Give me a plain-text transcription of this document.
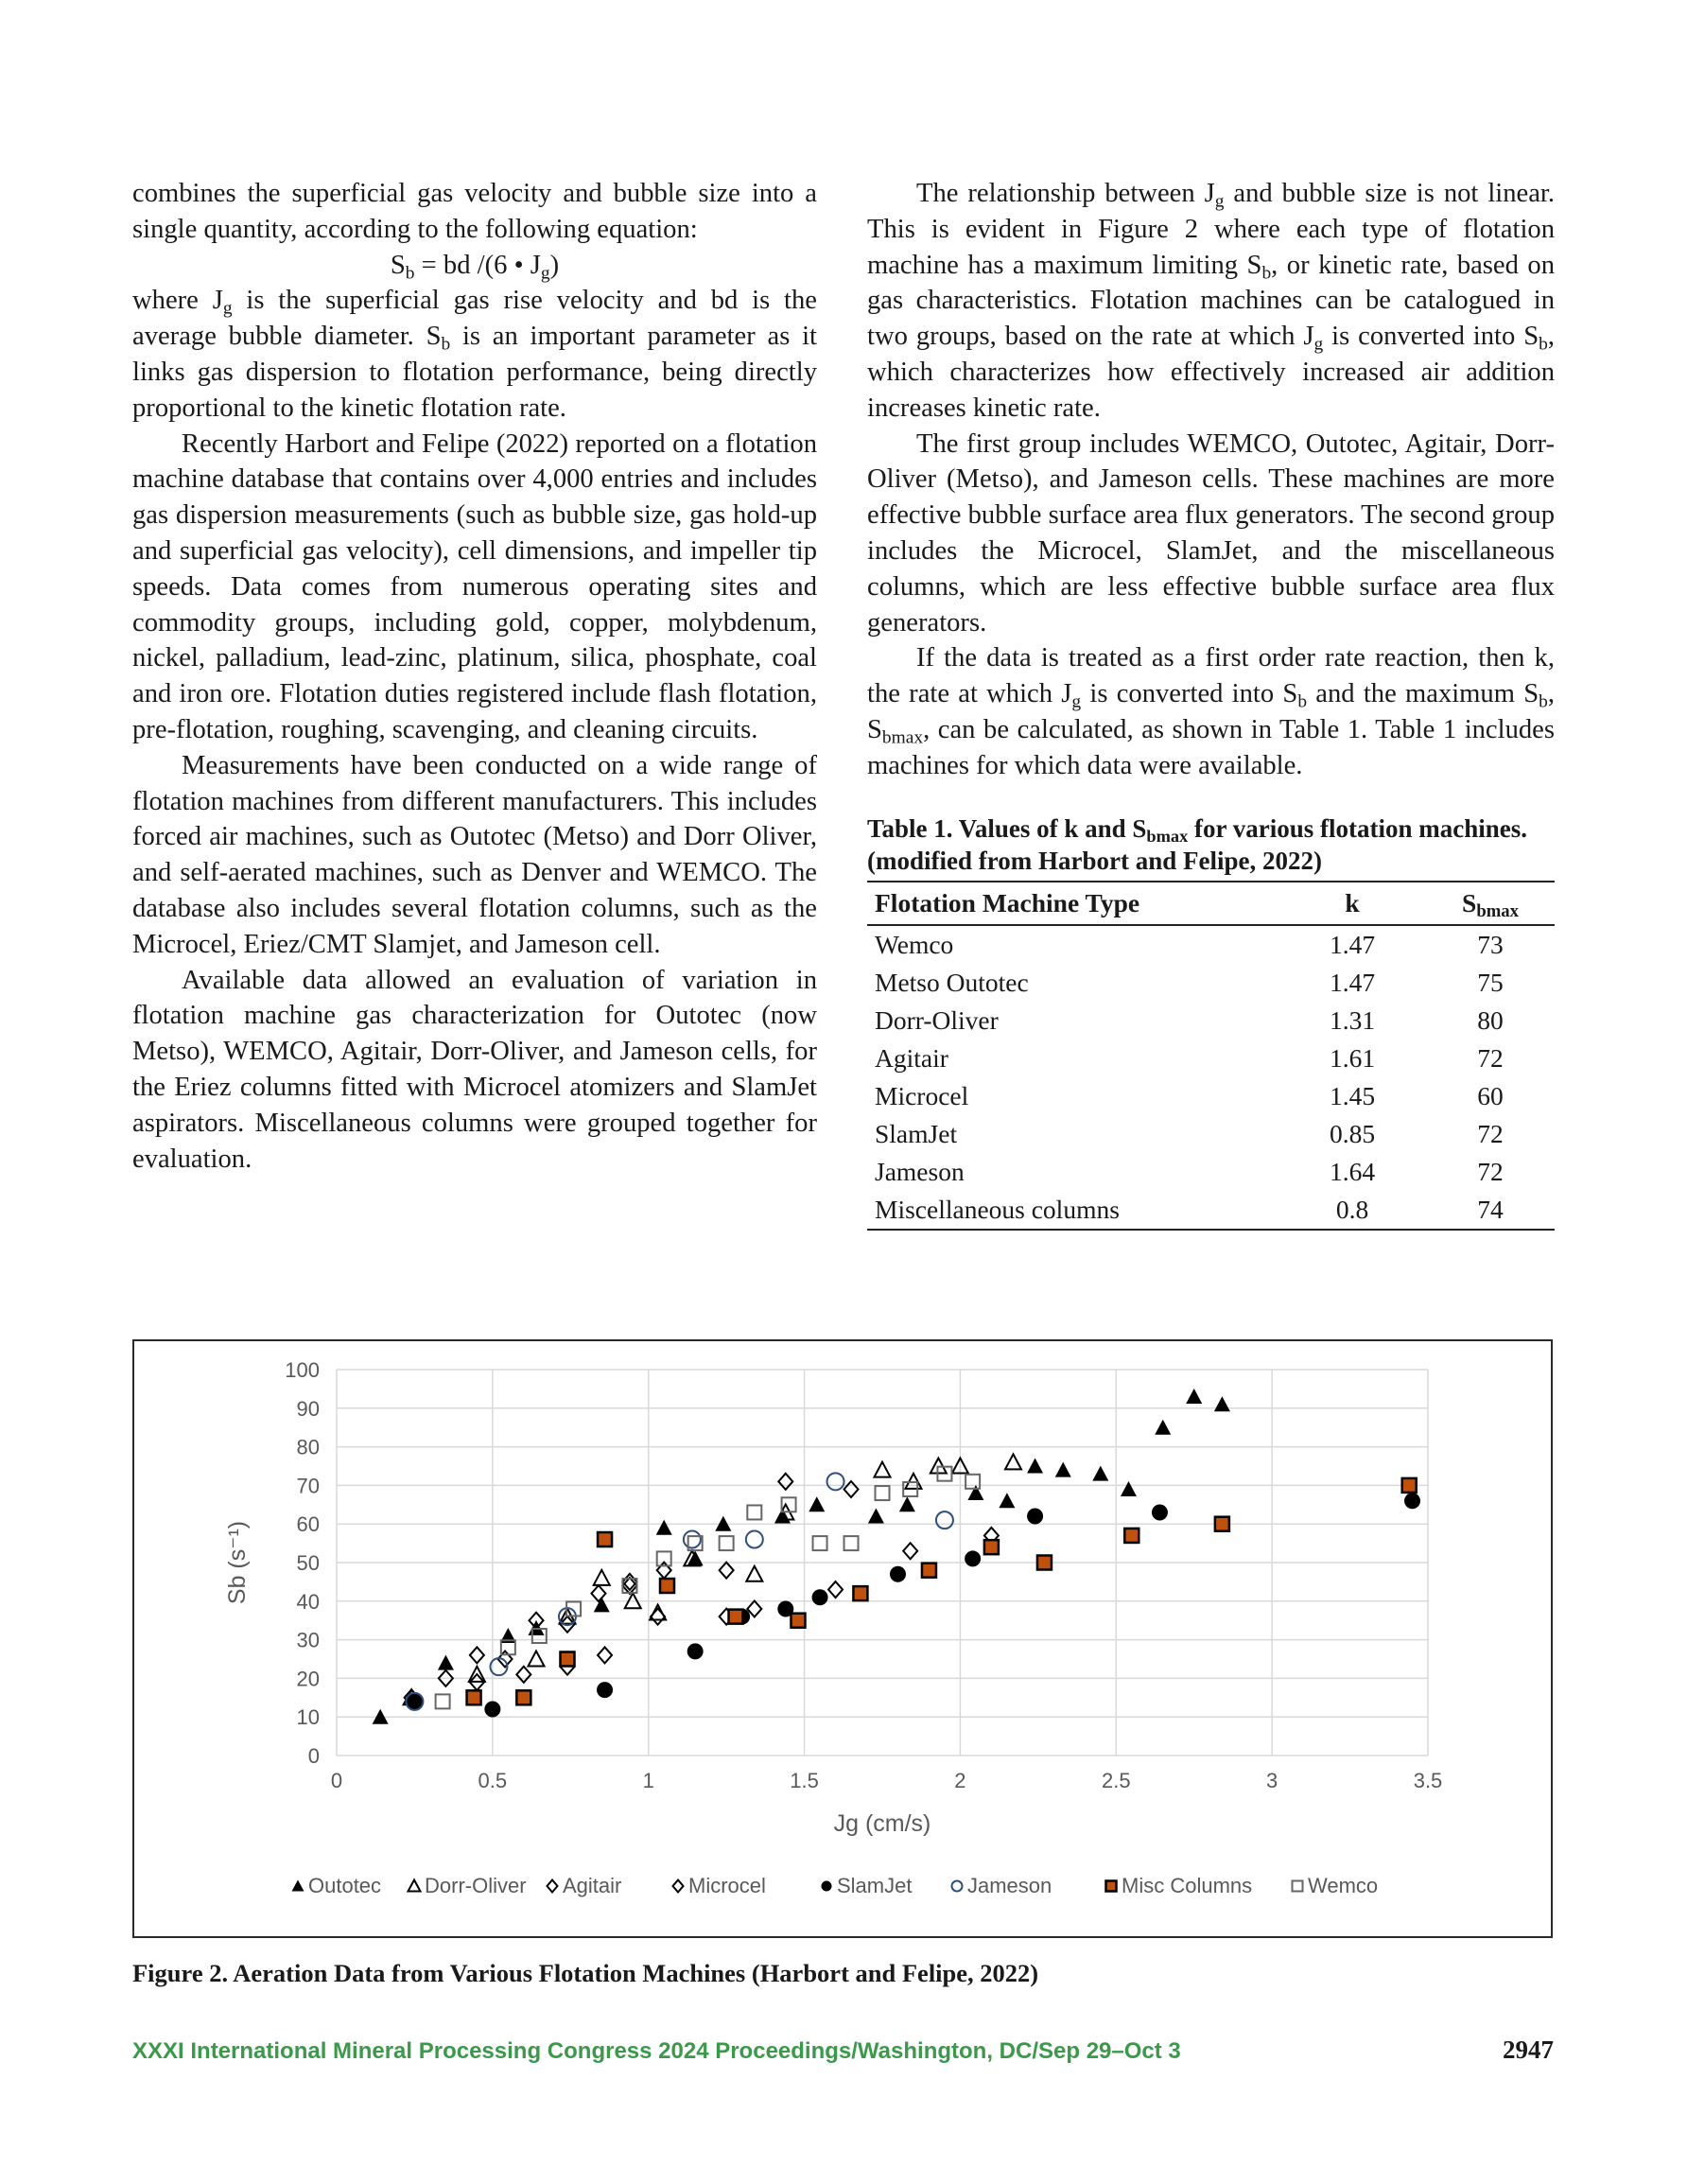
combines the superficial gas velocity and bubble size into a single quantity, according to the following equation:

$S_b$ = bd /(6 • $J_g$)

where $J_g$ is the superficial gas rise velocity and bd is the average bubble diameter. $S_b$ is an important parameter as it links gas dispersion to flotation performance, being directly proportional to the kinetic flotation rate.

Recently Harbort and Felipe (2022) reported on a flotation machine database that contains over 4,000 entries and includes gas dispersion measurements (such as bubble size, gas hold-up and superficial gas velocity), cell dimensions, and impeller tip speeds. Data comes from numerous operating sites and commodity groups, including gold, copper, molybdenum, nickel, palladium, lead-zinc, platinum, silica, phosphate, coal and iron ore. Flotation duties registered include flash flotation, pre-flotation, roughing, scavenging, and cleaning circuits.

Measurements have been conducted on a wide range of flotation machines from different manufacturers. This includes forced air machines, such as Outotec (Metso) and Dorr Oliver, and self-aerated machines, such as Denver and WEMCO. The database also includes several flotation columns, such as the Microcel, Eriez/CMT Slamjet, and Jameson cell.

Available data allowed an evaluation of variation in flotation machine gas characterization for Outotec (now Metso), WEMCO, Agitair, Dorr-Oliver, and Jameson cells, for the Eriez columns fitted with Microcel atomizers and SlamJet aspirators. Miscellaneous columns were grouped together for evaluation.

The relationship between $J_g$ and bubble size is not linear. This is evident in Figure 2 where each type of flotation machine has a maximum limiting $S_b$, or kinetic rate, based on gas characteristics. Flotation machines can be catalogued in two groups, based on the rate at which $J_g$ is converted into $S_b$, which characterizes how effectively increased air addition increases kinetic rate.

The first group includes WEMCO, Outotec, Agitair, Dorr-Oliver (Metso), and Jameson cells. These machines are more effective bubble surface area flux generators. The second group includes the Microcel, SlamJet, and the miscellaneous columns, which are less effective bubble surface area flux generators.

If the data is treated as a first order rate reaction, then k, the rate at which $J_g$ is converted into $S_b$ and the maximum $S_b$, $S_{bmax}$, can be calculated, as shown in Table 1. Table 1 includes machines for which data were available.

Table 1. Values of k and $S_{bmax}$ for various flotation machines. (modified from Harbort and Felipe, 2022)
Flotation Machine Type	k	$S_{bmax}$
Wemco	1.47	73
Metso Outotec	1.47	75
Dorr-Oliver	1.31	80
Agitair	1.61	72
Microcel	1.45	60
SlamJet	0.85	72
Jameson	1.64	72
Miscellaneous columns	0.8	74
0
10
20
30
40
50
60
70
80
90
100
0	0.5	1	1.5	2	2.5	3	3.5
Jg (cm/s)
Sb (s⁻¹)
Outotec Dorr-Oliver Agitair	Microcel	SlamJet	Jameson	Misc Columns	Wemco
Figure 2. Aeration Data from Various Flotation Machines (Harbort and Felipe, 2022)
XXXI International Mineral Processing Congress 2024 Proceedings/Washington, DC/Sep 29–Oct 3	2947
